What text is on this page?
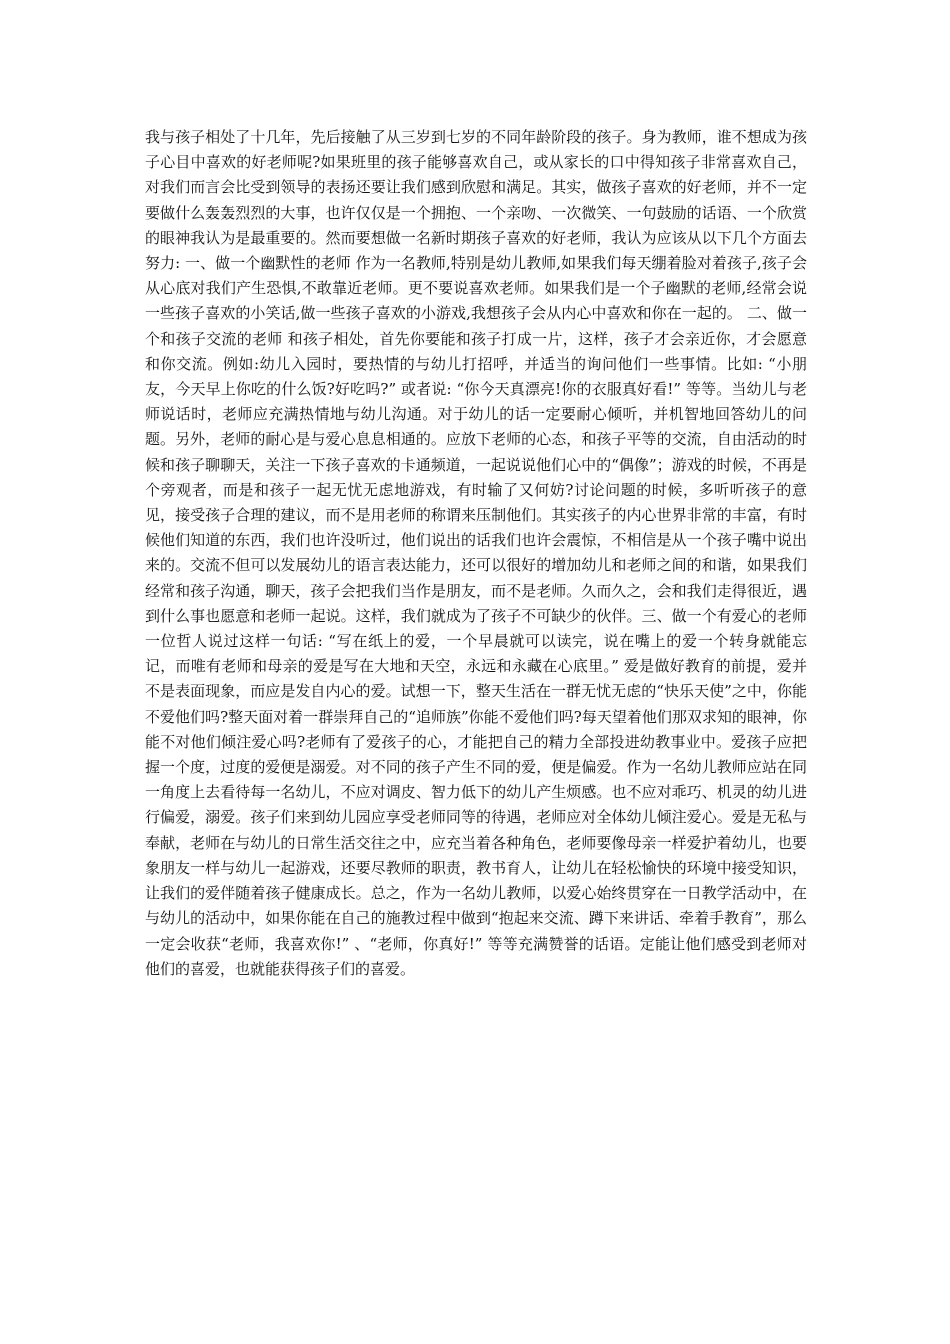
我与孩子相处了十几年，先后接触了从三岁到七岁的不同年龄阶段的孩子。身为教师，谁不想成为孩子心目中喜欢的好老师呢?如果班里的孩子能够喜欢自己，或从家长的口中得知孩子非常喜欢自己，对我们而言会比受到领导的表扬还要让我们感到欣慰和满足。其实，做孩子喜欢的好老师，并不一定要做什么轰轰烈烈的大事，也许仅仅是一个拥抱、一个亲吻、一次微笑、一句鼓励的话语、一个欣赏的眼神我认为是最重要的。然而要想做一名新时期孩子喜欢的好老师，我认为应该从以下几个方面去努力: 一、做一个幽默性的老师 作为一名教师,特别是幼儿教师,如果我们每天绷着脸对着孩子,孩子会从心底对我们产生恐惧,不敢靠近老师。更不要说喜欢老师。如果我们是一个子幽默的老师,经常会说一些孩子喜欢的小笑话,做一些孩子喜欢的小游戏,我想孩子会从内心中喜欢和你在一起的。 二、做一个和孩子交流的老师 和孩子相处，首先你要能和孩子打成一片，这样，孩子才会亲近你，才会愿意和你交流。例如:幼儿入园时，要热情的与幼儿打招呼，并适当的询问他们一些事情。比如: “小朋友，今天早上你吃的什么饭?好吃吗?” 或者说: “你今天真漂亮!你的衣服真好看!” 等等。当幼儿与老师说话时，老师应充满热情地与幼儿沟通。对于幼儿的话一定要耐心倾听，并机智地回答幼儿的问题。另外，老师的耐心是与爱心息息相通的。应放下老师的心态，和孩子平等的交流，自由活动的时候和孩子聊聊天，关注一下孩子喜欢的卡通频道，一起说说他们心中的“偶像”；游戏的时候，不再是个旁观者，而是和孩子一起无忧无虑地游戏，有时输了又何妨?讨论问题的时候，多听听孩子的意见，接受孩子合理的建议，而不是用老师的称谓来压制他们。其实孩子的内心世界非常的丰富，有时候他们知道的东西，我们也许没听过，他们说出的话我们也许会震惊，不相信是从一个孩子嘴中说出来的。交流不但可以发展幼儿的语言表达能力，还可以很好的增加幼儿和老师之间的和谐，如果我们经常和孩子沟通，聊天，孩子会把我们当作是朋友，而不是老师。久而久之，会和我们走得很近，遇到什么事也愿意和老师一起说。这样，我们就成为了孩子不可缺少的伙伴。三、做一个有爱心的老师 一位哲人说过这样一句话: “写在纸上的爱，一个早晨就可以读完，说在嘴上的爱一个转身就能忘记，而唯有老师和母亲的爱是写在大地和天空，永远和永藏在心底里。” 爱是做好教育的前提，爱并不是表面现象，而应是发自内心的爱。试想一下，整天生活在一群无忧无虑的“快乐天使”之中，你能不爱他们吗?整天面对着一群崇拜自己的“追师族”你能不爱他们吗?每天望着他们那双求知的眼神，你能不对他们倾注爱心吗?老师有了爱孩子的心，才能把自己的精力全部投进幼教事业中。爱孩子应把握一个度，过度的爱便是溺爱。对不同的孩子产生不同的爱，便是偏爱。作为一名幼儿教师应站在同一角度上去看待每一名幼儿，不应对调皮、智力低下的幼儿产生烦感。也不应对乖巧、机灵的幼儿进行偏爱，溺爱。孩子们来到幼儿园应享受老师同等的待遇，老师应对全体幼儿倾注爱心。爱是无私与奉献，老师在与幼儿的日常生活交往之中，应充当着各种角色，老师要像母亲一样爱护着幼儿，也要象朋友一样与幼儿一起游戏，还要尽教师的职责，教书育人，让幼儿在轻松愉快的环境中接受知识，让我们的爱伴随着孩子健康成长。总之，作为一名幼儿教师，以爱心始终贯穿在一日教学活动中，在与幼儿的活动中，如果你能在自己的施教过程中做到“抱起来交流、蹲下来讲话、牵着手教育”，那么一定会收获“老师，我喜欢你!” 、“老师，你真好!” 等等充满赞誉的话语。定能让他们感受到老师对他们的喜爱，也就能获得孩子们的喜爱。
